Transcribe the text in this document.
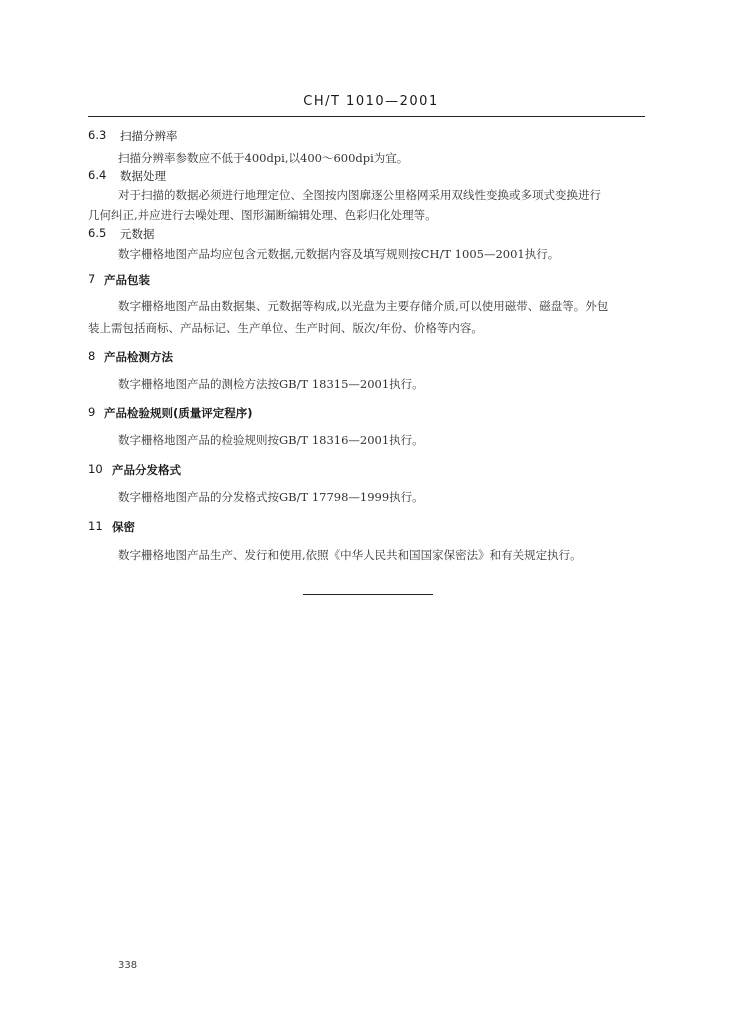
CH/T 1010—2001
6.3 扫描分辨率
扫描分辨率参数应不低于400dpi,以400～600dpi为宜。
6.4 数据处理
对于扫描的数据必须进行地理定位、全图按内图廓逐公里格网采用双线性变换或多项式变换进行
几何纠正,并应进行去噪处理、图形漏断编辑处理、色彩归化处理等。
6.5 元数据
数字栅格地图产品均应包含元数据,元数据内容及填写规则按CH/T 1005—2001执行。
7 产品包装
数字栅格地图产品由数据集、元数据等构成,以光盘为主要存储介质,可以使用磁带、磁盘等。外包
装上需包括商标、产品标记、生产单位、生产时间、版次/年份、价格等内容。
8 产品检测方法
数字栅格地图产品的测检方法按GB/T 18315—2001执行。
9 产品检验规则(质量评定程序)
数字栅格地图产品的检验规则按GB/T 18316—2001执行。
10 产品分发格式
数字栅格地图产品的分发格式按GB/T 17798—1999执行。
11 保密
数字栅格地图产品生产、发行和使用,依照《中华人民共和国国家保密法》和有关规定执行。
338
